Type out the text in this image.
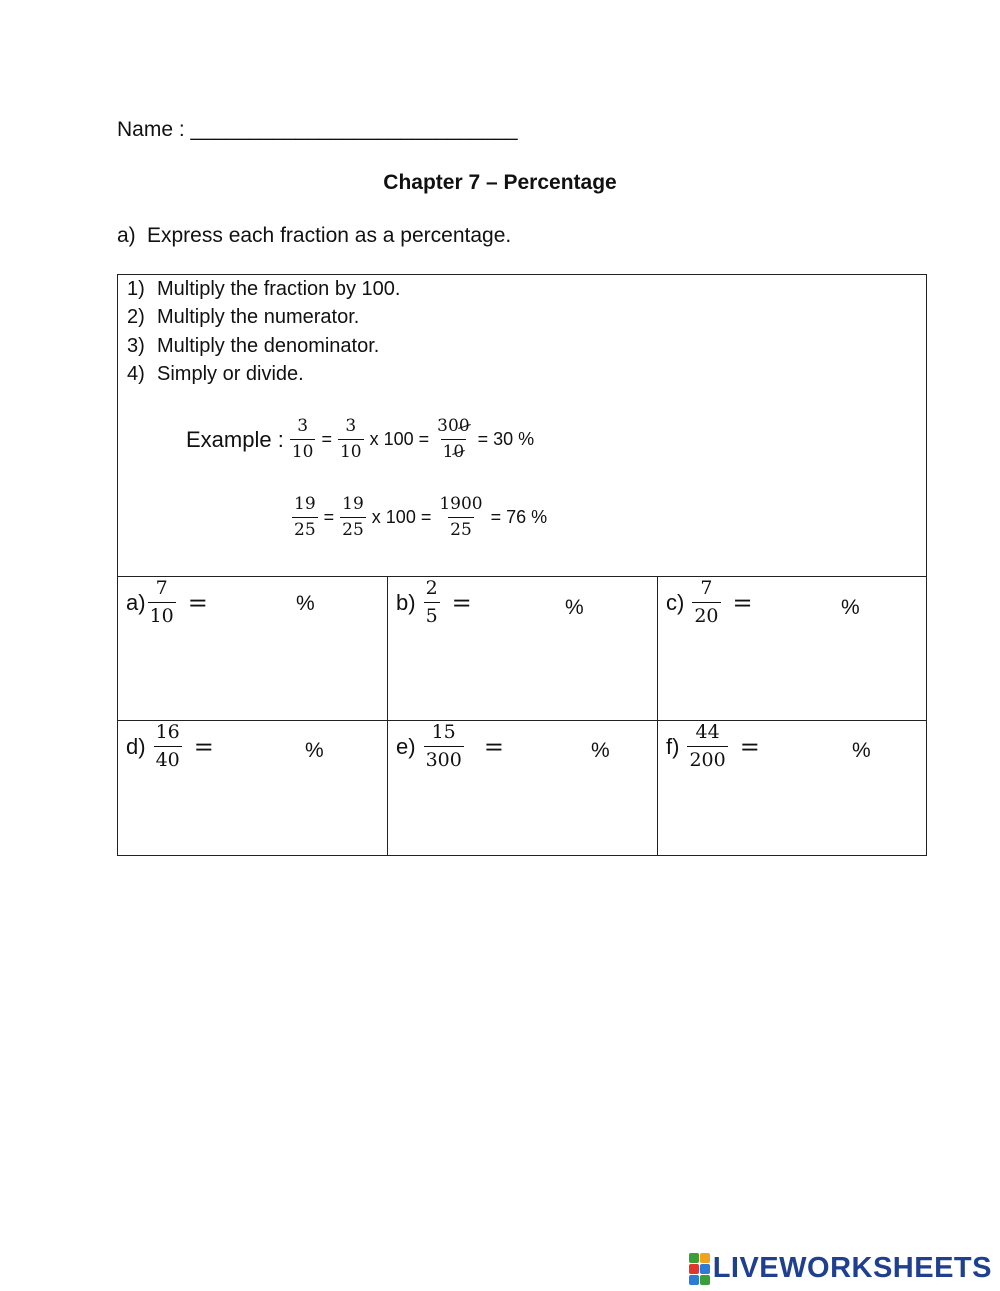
Name : ____________________________
Chapter 7 – Percentage
a) Express each fraction as a percentage.
1) Multiply the fraction by 100.
2) Multiply the numerator.
3) Multiply the denominator.
4) Simply or divide.
Example : $\frac{3}{10} = \frac{3}{10}$ x $100 = \frac{300}{10} = 30$ %
$\frac{19}{25} = \frac{19}{25}$ x $100 = \frac{1900}{25} = 76$ %
$a) \frac{7}{10}$ =	%	$b) \frac{2}{5}$ =	%	$c) \frac{7}{20}$ =	%
$d) \frac{16}{40}$ =	%	$e) \frac{15}{300}$ =	%	$f) \frac{44}{200}$ =	%
LIVEWORKSHEETS
